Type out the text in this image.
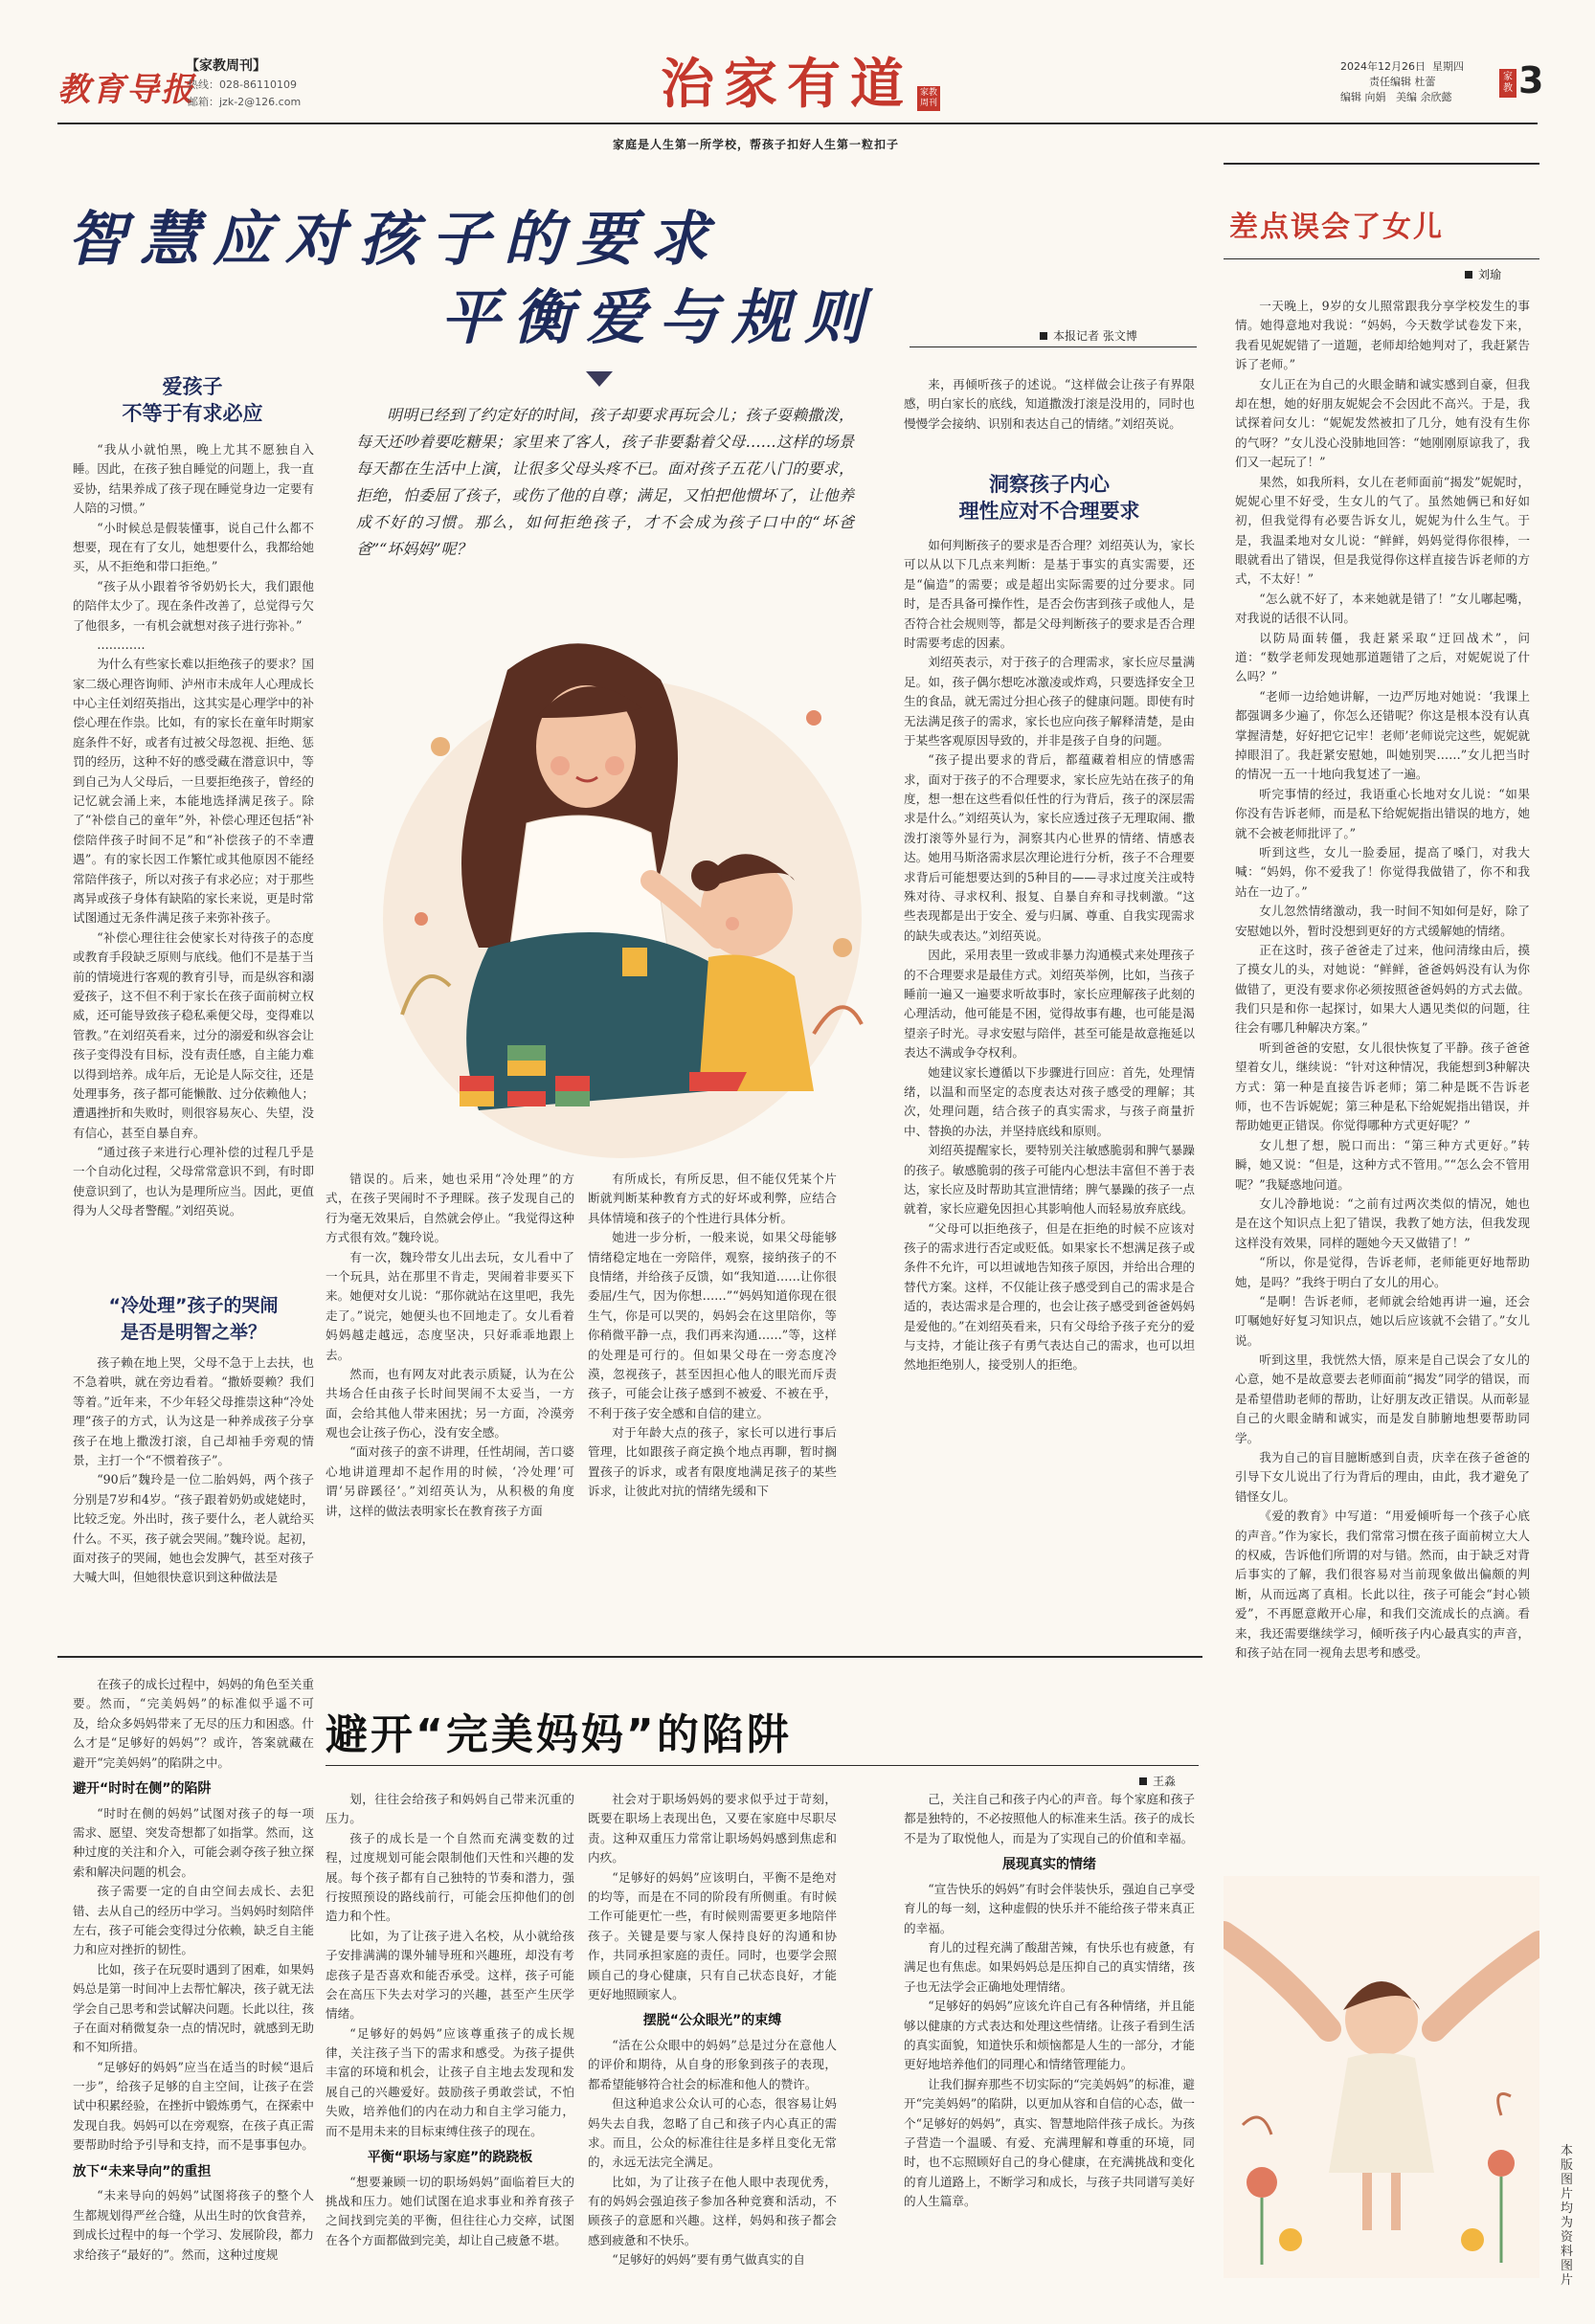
教育导报
【家教周刊】
热线：028-86110109
邮箱：jzk-2@126.com	治家有道 家教周刊
家庭是人生第一所学校，帮孩子扣好人生第一粒扣子
2024年12月26日 星期四
责任编辑 杜蕾
编辑 向娟 美编 余欣懿
家教 3
智慧应对孩子的要求
平衡爱与规则	本报记者 张文博
明明已经到了约定好的时间，孩子却要求再玩会儿；孩子耍赖撒泼，每天还吵着要吃糖果；家里来了客人，孩子非要黏着父母……这样的场景每天都在生活中上演，让很多父母头疼不已。面对孩子五花八门的要求，拒绝，怕委屈了孩子，或伤了他的自尊；满足，又怕把他惯坏了，让他养成不好的习惯。那么，如何拒绝孩子，才不会成为孩子口中的“坏爸爸”“坏妈妈”呢？
爱孩子
不等于有求必应

“我从小就怕黑，晚上尤其不愿独自入睡。因此，在孩子独自睡觉的问题上，我一直妥协，结果养成了孩子现在睡觉身边一定要有人陪的习惯。”

“小时候总是假装懂事，说自己什么都不想要，现在有了女儿，她想要什么，我都给她买，从不拒绝和带口拒绝。”

“孩子从小跟着爷爷奶奶长大，我们跟他的陪伴太少了。现在条件改善了，总觉得亏欠了他很多，一有机会就想对孩子进行弥补。”

…………

为什么有些家长难以拒绝孩子的要求？国家二级心理咨询师、泸州市未成年人心理成长中心主任刘绍英指出，这其实是心理学中的补偿心理在作祟。比如，有的家长在童年时期家庭条件不好，或者有过被父母忽视、拒绝、惩罚的经历，这种不好的感受藏在潜意识中，等到自己为人父母后，一旦要拒绝孩子，曾经的记忆就会涌上来，本能地选择满足孩子。除了“补偿自己的童年”外，补偿心理还包括“补偿陪伴孩子时间不足”和“补偿孩子的不幸遭遇”。有的家长因工作繁忙或其他原因不能经常陪伴孩子，所以对孩子有求必应；对于那些离异或孩子身体有缺陷的家长来说，更是时常试图通过无条件满足孩子来弥补孩子。

“补偿心理往往会使家长对待孩子的态度或教育手段缺乏原则与底线。他们不是基于当前的情境进行客观的教育引导，而是纵容和溺爱孩子，这不但不利于家长在孩子面前树立权威，还可能导致孩子稳私乘便父母，变得难以管教。”在刘绍英看来，过分的溺爱和纵容会让孩子变得没有目标，没有责任感，自主能力难以得到培养。成年后，无论是人际交往，还是处理事务，孩子都可能懒散、过分依赖他人；遭遇挫折和失败时，则很容易灰心、失望，没有信心，甚至自暴自弃。

“通过孩子来进行心理补偿的过程几乎是一个自动化过程，父母常常意识不到，有时即使意识到了，也认为是理所应当。因此，更值得为人父母者警醒。”刘绍英说。

“冷处理”孩子的哭闹
是否是明智之举？

孩子赖在地上哭，父母不急于上去扶，也不急着哄，就在旁边看着。“撒娇耍赖？我们等着。”近年来，不少年轻父母推崇这种“冷处理”孩子的方式，认为这是一种养成孩子分享孩子在地上撒泼打滚，自己却袖手旁观的情景，主打一个“不惯着孩子”。

“90后”魏玲是一位二胎妈妈，两个孩子分别是7岁和4岁。“孩子跟着奶奶或姥姥时，比较乏宠。外出时，孩子要什么，老人就给买什么。不买，孩子就会哭闹。”魏玲说。起初，面对孩子的哭闹，她也会发脾气，甚至对孩子大喊大叫，但她很快意识到这种做法是

错误的。后来，她也采用“冷处理”的方式，在孩子哭闹时不予理睬。孩子发现自己的行为毫无效果后，自然就会停止。“我觉得这种方式很有效。”魏玲说。

有一次，魏玲带女儿出去玩，女儿看中了一个玩具，站在那里不肯走，哭闹着非要买下来。她便对女儿说：“那你就站在这里吧，我先走了。”说完，她便头也不回地走了。女儿看着妈妈越走越远，态度坚决，只好乖乖地跟上去。

然而，也有网友对此表示质疑，认为在公共场合任由孩子长时间哭闹不太妥当，一方面，会给其他人带来困扰；另一方面，冷漠旁观也会让孩子伤心，没有安全感。

“面对孩子的蛮不讲理，任性胡闹，苦口婆心地讲道理却不起作用的时候，‘冷处理’可谓‘另辟蹊径’。”刘绍英认为，从积极的角度讲，这样的做法表明家长在教育孩子方面

有所成长，有所反思，但不能仅凭某个片断就判断某种教育方式的好坏或利弊，应结合具体情境和孩子的个性进行具体分析。

她进一步分析，一般来说，如果父母能够情绪稳定地在一旁陪伴，观察，接纳孩子的不良情绪，并给孩子反馈，如“我知道……让你很委屈/生气，因为你想……”“妈妈知道你现在很生气，你是可以哭的，妈妈会在这里陪你，等你稍微平静一点，我们再来沟通……”等，这样的处理是可行的。但如果父母在一旁态度冷漠，忽视孩子，甚至因担心他人的眼光而斥责孩子，可能会让孩子感到不被爱、不被在乎，不利于孩子安全感和自信的建立。

对于年龄大点的孩子，家长可以进行事后管理，比如跟孩子商定换个地点再聊，暂时搁置孩子的诉求，或者有限度地满足孩子的某些诉求，让彼此对抗的情绪先缓和下

来，再倾听孩子的述说。“这样做会让孩子有界限感，明白家长的底线，知道撒泼打滚是没用的，同时也慢慢学会接纳、识别和表达自己的情绪。”刘绍英说。

洞察孩子内心
理性应对不合理要求

如何判断孩子的要求是否合理？刘绍英认为，家长可以从以下几点来判断：是基于事实的真实需要，还是“偏造”的需要；或是超出实际需要的过分要求。同时，是否具备可操作性，是否会伤害到孩子或他人，是否符合社会规则等，都是父母判断孩子的要求是否合理时需要考虑的因素。

刘绍英表示，对于孩子的合理需求，家长应尽量满足。如，孩子偶尔想吃冰激凌或炸鸡，只要选择安全卫生的食品，就无需过分担心孩子的健康问题。即使有时无法满足孩子的需求，家长也应向孩子解释清楚，是由于某些客观原因导致的，并非是孩子自身的问题。

“孩子提出要求的背后，都蕴藏着相应的情感需求，面对于孩子的不合理要求，家长应先站在孩子的角度，想一想在这些看似任性的行为背后，孩子的深层需求是什么。”刘绍英认为，家长应透过孩子无理取闹、撒泼打滚等外显行为，洞察其内心世界的情绪、情感表达。她用马斯洛需求层次理论进行分析，孩子不合理要求背后可能想要达到的5种目的——寻求过度关注或特殊对待、寻求权利、报复、自暴自弃和寻找刺激。“这些表现都是出于安全、爱与归属、尊重、自我实现需求的缺失或表达。”刘绍英说。

因此，采用表里一致或非暴力沟通模式来处理孩子的不合理要求是最佳方式。刘绍英举例，比如，当孩子睡前一遍又一遍要求听故事时，家长应理解孩子此刻的心理活动，他可能是不困，觉得故事有趣，也可能是渴望亲子时光。寻求安慰与陪伴，甚至可能是故意拖延以表达不满或争夺权利。

她建议家长遵循以下步骤进行回应：首先，处理情绪，以温和而坚定的态度表达对孩子感受的理解；其次，处理问题，结合孩子的真实需求，与孩子商量折中、替换的办法，并坚持底线和原则。

刘绍英提醒家长，要特别关注敏感脆弱和脾气暴躁的孩子。敏感脆弱的孩子可能内心想法丰富但不善于表达，家长应及时帮助其宣泄情绪；脾气暴躁的孩子一点就着，家长应避免因担心其影响他人而轻易放弃底线。

“父母可以拒绝孩子，但是在拒绝的时候不应该对孩子的需求进行否定或贬低。如果家长不想满足孩子或条件不允许，可以坦诚地告知孩子原因，并给出合理的替代方案。这样，不仅能让孩子感受到自己的需求是合适的，表达需求是合理的，也会让孩子感受到爸爸妈妈是爱他的。”在刘绍英看来，只有父母给予孩子充分的爱与支持，才能让孩子有勇气表达自己的需求，也可以坦然地拒绝别人，接受别人的拒绝。

差点误会了女儿
刘瑜

一天晚上，9岁的女儿照常跟我分享学校发生的事情。她得意地对我说：“妈妈，今天数学试卷发下来，我看见妮妮错了一道题，老师却给她判对了，我赶紧告诉了老师。”

女儿正在为自己的火眼金睛和诚实感到自豪，但我却在想，她的好朋友妮妮会不会因此不高兴。于是，我试探着问女儿：“妮妮发然被扣了几分，她有没有生你的气呀？”女儿没心没肺地回答：“她刚刚原谅我了，我们又一起玩了！”

果然，如我所料，女儿在老师面前“揭发”妮妮时，妮妮心里不好受，生女儿的气了。虽然她俩已和好如初，但我觉得有必要告诉女儿，妮妮为什么生气。于是，我温柔地对女儿说：“鲜鲜，妈妈觉得你很棒，一眼就看出了错误，但是我觉得你这样直接告诉老师的方式，不太好！”

“怎么就不好了，本来她就是错了！”女儿嘟起嘴，对我说的话很不认同。

以防局面转僵，我赶紧采取“迂回战术”，问道：“数学老师发现她那道题错了之后，对妮妮说了什么吗？”

“老师一边给她讲解，一边严厉地对她说：‘我课上都强调多少遍了，你怎么还错呢？你这是根本没有认真掌握清楚，好好把它记牢！老师’老师说完这些，妮妮就掉眼泪了。我赶紧安慰她，叫她别哭……”女儿把当时的情况一五一十地向我复述了一遍。

听完事情的经过，我语重心长地对女儿说：“如果你没有告诉老师，而是私下给妮妮指出错误的地方，她就不会被老师批评了。”

听到这些，女儿一脸委屈，提高了嗓门，对我大喊：“妈妈，你不爱我了！你觉得我做错了，你不和我站在一边了。”

女儿忽然情绪激动，我一时间不知如何是好，除了安慰她以外，暂时没想到更好的方式缓解她的情绪。

正在这时，孩子爸爸走了过来，他问清缘由后，摸了摸女儿的头，对她说：“鲜鲜，爸爸妈妈没有认为你做错了，更没有要求你必须按照爸爸妈妈的方式去做。我们只是和你一起探讨，如果大人遇见类似的问题，往往会有哪几种解决方案。”

听到爸爸的安慰，女儿很快恢复了平静。孩子爸爸望着女儿，继续说：“针对这种情况，我能想到3种解决方式：第一种是直接告诉老师；第二种是既不告诉老师，也不告诉妮妮；第三种是私下给妮妮指出错误，并帮助她更正错误。你觉得哪种方式更好呢？”

女儿想了想，脱口而出：“第三种方式更好。”转瞬，她又说：“但是，这种方式不管用。”“怎么会不管用呢？”我疑惑地问道。

女儿冷静地说：“之前有过两次类似的情况，她也是在这个知识点上犯了错误，我教了她方法，但我发现这样没有效果，同样的题她今天又做错了！”

“所以，你是觉得，告诉老师，老师能更好地帮助她，是吗？”我终于明白了女儿的用心。

“是啊！告诉老师，老师就会给她再讲一遍，还会叮嘱她好好复习知识点，她以后应该就不会错了。”女儿说。

听到这里，我恍然大悟，原来是自己误会了女儿的心意，她不是故意要去老师面前“揭发”同学的错误，而是希望借助老师的帮助，让好朋友改正错误。从而彰显自己的火眼金睛和诚实，而是发自肺腑地想要帮助同学。

我为自己的盲目臆断感到自责，庆幸在孩子爸爸的引导下女儿说出了行为背后的理由，由此，我才避免了错怪女儿。

《爱的教育》中写道：“用爱倾听每一个孩子心底的声音。”作为家长，我们常常习惯在孩子面前树立大人的权威，告诉他们所谓的对与错。然而，由于缺乏对背后事实的了解，我们很容易对当前现象做出偏颇的判断，从而远离了真相。长此以往，孩子可能会“封心锁爱”，不再愿意敞开心扉，和我们交流成长的点滴。看来，我还需要继续学习，倾听孩子内心最真实的声音，和孩子站在同一视角去思考和感受。

本版图片均为资料图片
避开“完美妈妈”的陷阱
王淼

在孩子的成长过程中，妈妈的角色至关重要。然而，“完美妈妈”的标准似乎遥不可及，给众多妈妈带来了无尽的压力和困惑。什么才是“足够好的妈妈”？或许，答案就藏在避开“完美妈妈”的陷阱之中。

避开“时时在侧”的陷阱

“时时在侧的妈妈”试图对孩子的每一项需求、愿望、突发奇想都了如指掌。然而，这种过度的关注和介入，可能会剥夺孩子独立探索和解决问题的机会。

孩子需要一定的自由空间去成长、去犯错、去从自己的经历中学习。当妈妈时刻陪伴左右，孩子可能会变得过分依赖，缺乏自主能力和应对挫折的韧性。

比如，孩子在玩耍时遇到了困难，如果妈妈总是第一时间冲上去帮忙解决，孩子就无法学会自己思考和尝试解决问题。长此以往，孩子在面对稍微复杂一点的情况时，就感到无助和不知所措。

“足够好的妈妈”应当在适当的时候“退后一步”，给孩子足够的自主空间，让孩子在尝试中积累经验，在挫折中锻炼勇气，在探索中发现自我。妈妈可以在旁观察，在孩子真正需要帮助时给予引导和支持，而不是事事包办。

放下“未来导向”的重担

“未来导向的妈妈”试图将孩子的整个人生都规划得严丝合缝，从出生时的饮食营养，到成长过程中的每一个学习、发展阶段，都力求给孩子“最好的”。然而，这种过度规

划，往往会给孩子和妈妈自己带来沉重的压力。

孩子的成长是一个自然而充满变数的过程，过度规划可能会限制他们天性和兴趣的发展。每个孩子都有自己独特的节奏和潜力，强行按照预设的路线前行，可能会压抑他们的创造力和个性。

比如，为了让孩子进入名校，从小就给孩子安排满满的课外辅导班和兴趣班，却没有考虑孩子是否喜欢和能否承受。这样，孩子可能会在高压下失去对学习的兴趣，甚至产生厌学情绪。

“足够好的妈妈”应该尊重孩子的成长规律，关注孩子当下的需求和感受。为孩子提供丰富的环境和机会，让孩子自主地去发现和发展自己的兴趣爱好。鼓励孩子勇敢尝试，不怕失败，培养他们的内在动力和自主学习能力，而不是用未来的目标束缚住孩子的现在。

平衡“职场与家庭”的跷跷板

“想要兼顾一切的职场妈妈”面临着巨大的挑战和压力。她们试图在追求事业和养育孩子之间找到完美的平衡，但往往心力交瘁，试图在各个方面都做到完美，却让自己疲惫不堪。

社会对于职场妈妈的要求似乎过于苛刻，既要在职场上表现出色，又要在家庭中尽职尽责。这种双重压力常常让职场妈妈感到焦虑和内疚。

“足够好的妈妈”应该明白，平衡不是绝对的均等，而是在不同的阶段有所侧重。有时候工作可能更忙一些，有时候则需要更多地陪伴孩子。关键是要与家人保持良好的沟通和协作，共同承担家庭的责任。同时，也要学会照顾自己的身心健康，只有自己状态良好，才能更好地照顾家人。

摆脱“公众眼光”的束缚

“活在公众眼中的妈妈”总是过分在意他人的评价和期待，从自身的形象到孩子的表现，都希望能够符合社会的标准和他人的赞许。

但这种追求公众认可的心态，很容易让妈妈失去自我，忽略了自己和孩子内心真正的需求。而且，公众的标准往往是多样且变化无常的，永远无法完全满足。

比如，为了让孩子在他人眼中表现优秀，有的妈妈会强迫孩子参加各种竞赛和活动，不顾孩子的意愿和兴趣。这样，妈妈和孩子都会感到疲惫和不快乐。

“足够好的妈妈”要有勇气做真实的自

己，关注自己和孩子内心的声音。每个家庭和孩子都是独特的，不必按照他人的标准来生活。孩子的成长不是为了取悦他人，而是为了实现自己的价值和幸福。

展现真实的情绪

“宣告快乐的妈妈”有时会伴装快乐，强迫自己享受育儿的每一刻，这种虚假的快乐并不能给孩子带来真正的幸福。

育儿的过程充满了酸甜苦辣，有快乐也有疲惫，有满足也有焦虑。如果妈妈总是压抑自己的真实情绪，孩子也无法学会正确地处理情绪。

“足够好的妈妈”应该允许自己有各种情绪，并且能够以健康的方式表达和处理这些情绪。让孩子看到生活的真实面貌，知道快乐和烦恼都是人生的一部分，才能更好地培养他们的同理心和情绪管理能力。

让我们摒弃那些不切实际的“完美妈妈”的标准，避开“完美妈妈”的陷阱，以更加从容和自信的心态，做一个“足够好的妈妈”，真实、智慧地陪伴孩子成长。为孩子营造一个温暖、有爱、充满理解和尊重的环境，同时，也不忘照顾好自己的身心健康，在充满挑战和变化的育儿道路上，不断学习和成长，与孩子共同谱写美好的人生篇章。
